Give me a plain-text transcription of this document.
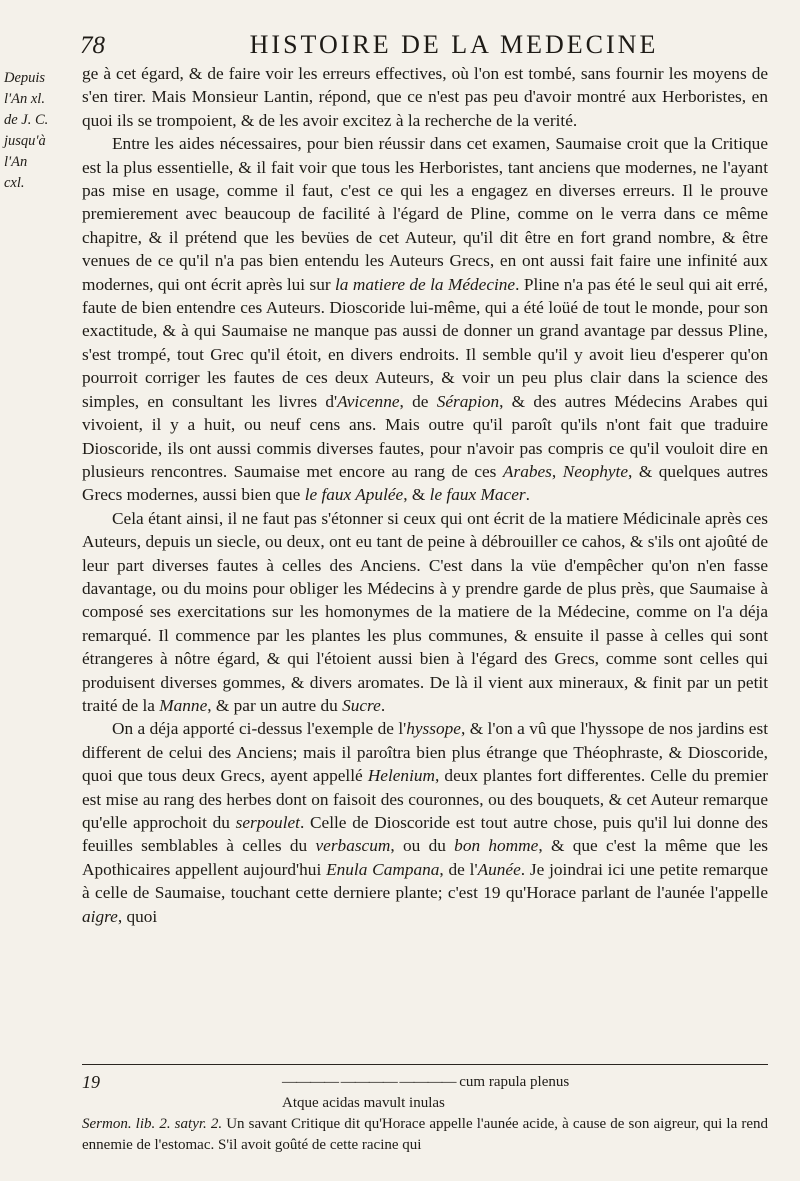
78	HISTOIRE DE LA MEDECINE
Depuis
l'An xl.
de J. C.
jusqu'à
l'An
cxl.

ge à cet égard, & de faire voir les erreurs effectives, où l'on est tombé, sans fournir les moyens de s'en tirer. Mais Monsieur Lantin, répond, que ce n'est pas peu d'avoir montré aux Herboristes, en quoi ils se trompoient, & de les avoir excitez à la recherche de la verité.

Entre les aides nécessaires, pour bien réussir dans cet examen, Saumaise croit que la Critique est la plus essentielle, & il fait voir que tous les Herboristes, tant anciens que modernes, ne l'ayant pas mise en usage, comme il faut, c'est ce qui les a engagez en diverses erreurs. Il le prouve premierement avec beaucoup de facilité à l'égard de Pline, comme on le verra dans ce même chapitre, & il prétend que les bevües de cet Auteur, qu'il dit être en fort grand nombre, & être venues de ce qu'il n'a pas bien entendu les Auteurs Grecs, en ont aussi fait faire une infinité aux modernes, qui ont écrit après lui sur la matiere de la Médecine. Pline n'a pas été le seul qui ait erré, faute de bien entendre ces Auteurs. Dioscoride lui-même, qui a été loüé de tout le monde, pour son exactitude, & à qui Saumaise ne manque pas aussi de donner un grand avantage par dessus Pline, s'est trompé, tout Grec qu'il étoit, en divers endroits. Il semble qu'il y avoit lieu d'esperer qu'on pourroit corriger les fautes de ces deux Auteurs, & voir un peu plus clair dans la science des simples, en consultant les livres d'Avicenne, de Sérapion, & des autres Médecins Arabes qui vivoient, il y a huit, ou neuf cens ans. Mais outre qu'il paroît qu'ils n'ont fait que traduire Dioscoride, ils ont aussi commis diverses fautes, pour n'avoir pas compris ce qu'il vouloit dire en plusieurs rencontres. Saumaise met encore au rang de ces Arabes, Neophyte, & quelques autres Grecs modernes, aussi bien que le faux Apulée, & le faux Macer.

Cela étant ainsi, il ne faut pas s'étonner si ceux qui ont écrit de la matiere Médicinale après ces Auteurs, depuis un siecle, ou deux, ont eu tant de peine à débrouiller ce cahos, & s'ils ont ajoûté de leur part diverses fautes à celles des Anciens. C'est dans la vüe d'empêcher qu'on n'en fasse davantage, ou du moins pour obliger les Médecins à y prendre garde de plus près, que Saumaise à composé ses exercitations sur les homonymes de la matiere de la Médecine, comme on l'a déja remarqué. Il commence par les plantes les plus communes, & ensuite il passe à celles qui sont étrangeres à nôtre égard, & qui l'étoient aussi bien à l'égard des Grecs, comme sont celles qui produisent diverses gommes, & divers aromates. De là il vient aux mineraux, & finit par un petit traité de la Manne, & par un autre du Sucre.

On a déja apporté ci-dessus l'exemple de l'hyssope, & l'on a vû que l'hyssope de nos jardins est different de celui des Anciens; mais il paroîtra bien plus étrange que Théophraste, & Dioscoride, quoi que tous deux Grecs, ayent appellé Helenium, deux plantes fort differentes. Celle du premier est mise au rang des herbes dont on faisoit des couronnes, ou des bouquets, & cet Auteur remarque qu'elle approchoit du serpoulet. Celle de Dioscoride est tout autre chose, puis qu'il lui donne des feuilles semblables à celles du verbascum, ou du bon homme, & que c'est la même que les Apothicaires appellent aujourd'hui Enula Campana, de l'Aunée. Je joindrai ici une petite remarque à celle de Saumaise, touchant cette derniere plante; c'est 19 qu'Horace parlant de l'aunée l'appelle aigre, quoi

19	———— ———— ———— cum rapula plenus
Atque acidas mavult inulas
Sermon. lib. 2. satyr. 2. Un savant Critique dit qu'Horace appelle l'aunée acide, à cause de son aigreur, qui la rend ennemie de l'estomac. S'il avoit goûté de cette racine qui
